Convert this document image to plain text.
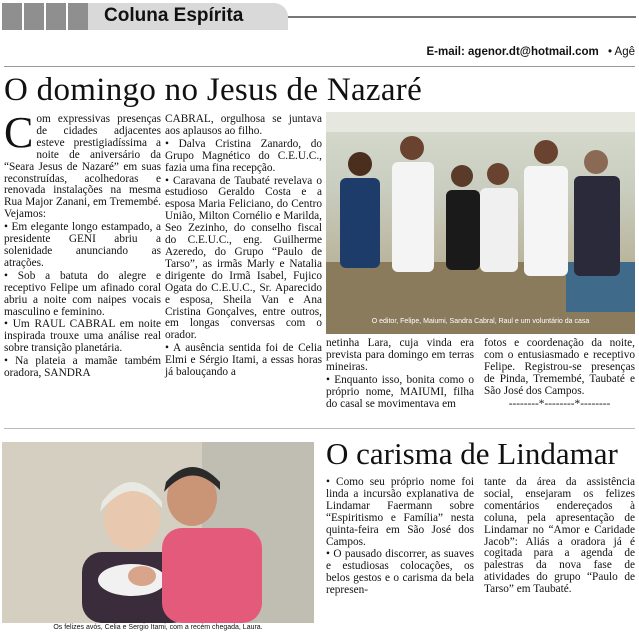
Coluna Espírita
E-mail: agenor.dt@hotmail.com • Agê
O domingo no Jesus de Nazaré

Com expressivas presenças de cidades adjacentes esteve prestigiadíssima a noite de aniversário da “Seara Jesus de Nazaré” em suas reconstruídas, acolhedoras e renovada instalações na mesma Rua Major Zanani, em Tremembé. Vejamos:

• Em elegante longo estampado, a presidente GENI abriu a solenidade anunciando as atrações.

• Sob a batuta do alegre e receptivo Felipe um afinado coral abriu a noite com naipes vocais masculino e feminino.

• Um RAUL CABRAL em noite inspirada trouxe uma análise real sobre transição planetária.

• Na plateia a mamãe também oradora, SANDRA

CABRAL, orgulhosa se juntava aos aplausos ao filho.

• Dalva Cristina Zanardo, do Grupo Magnético do C.E.U.C., fazia uma fina recepção.

• Caravana de Taubaté revelava o estudioso Geraldo Costa e a esposa Maria Feliciano, do Centro União, Milton Cornélio e Marilda, Seo Zezinho, do conselho fiscal do C.E.U.C., eng. Guilherme Azeredo, do Grupo “Paulo de Tarso”, as irmãs Marly e Natalia dirigente do Irmã Isabel, Fujico Ogata do C.E.U.C., Sr. Aparecido e esposa, Sheila Van e Ana Cristina Gonçalves, entre outros, em longas conversas com o orador.

• A ausência sentida foi de Celia Elmi e Sérgio Itami, a essas horas já balouçando a

O editor, Felipe, Maiumi, Sandra Cabral, Raul e um voluntário da casa

netinha Lara, cuja vinda era prevista para domingo em terras mineiras.

• Enquanto isso, bonita como o próprio nome, MAIUMI, filha do casal se movimentava em

fotos e coordenação da noite, com o entusiasmado e receptivo Felipe. Registrou-se presenças de Pinda, Tremembé, Taubaté e São José dos Campos.

--------*--------*--------

Os felizes avós, Celia e Sergio Itami, com a recém chegada, Laura.
O carisma de Lindamar

• Como seu próprio nome foi linda a incursão explanativa de Lindamar Faermann sobre “Espiritismo e Família” nesta quinta-feira em São José dos Campos.

• O pausado discorrer, as suaves e estudiosas colocações, os belos gestos e o carisma da bela represen-

tante da área da assistência social, ensejaram os felizes comentários endereçados à coluna, pela apresentação de Lindamar no “Amor e Caridade Jacob”: Aliás a oradora já é cogitada para a agenda de palestras da nova fase de atividades do grupo “Paulo de Tarso” em Taubaté.
